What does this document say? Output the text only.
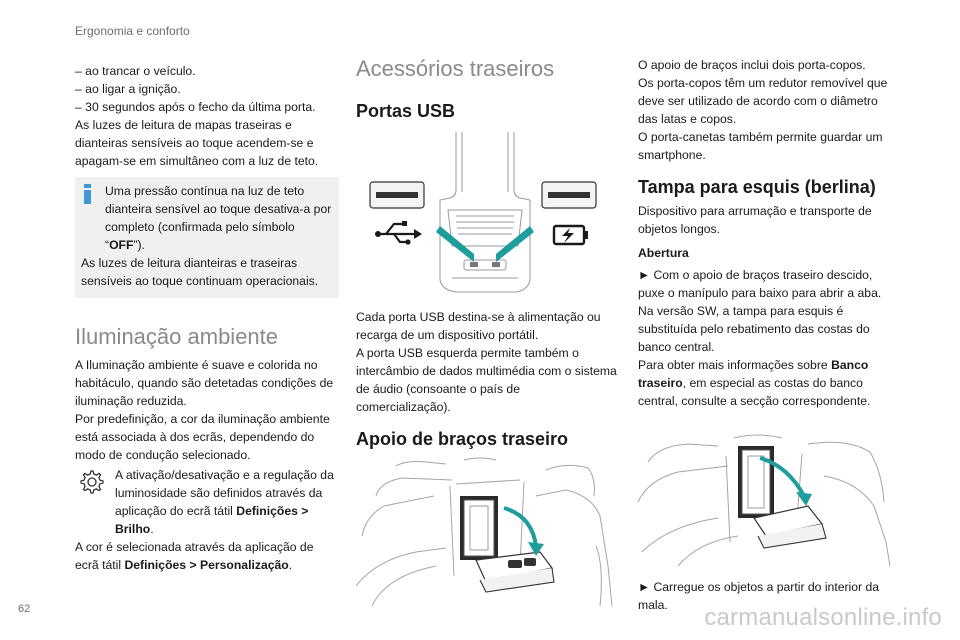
Ergonomia e conforto

– ao trancar o veículo.

– ao ligar a ignição.

– 30 segundos após o fecho da última porta.

As luzes de leitura de mapas traseiras e dianteiras sensíveis ao toque acendem-se e apagam-se em simultâneo com a luz de teto.

Uma pressão contínua na luz de teto dianteira sensível ao toque desativa-a por completo (confirmada pelo símbolo “OFF”).

As luzes de leitura dianteiras e traseiras sensíveis ao toque continuam operacionais.

Iluminação ambiente

A Iluminação ambiente é suave e colorida no habitáculo, quando são detetadas condições de iluminação reduzida.

Por predefinição, a cor da iluminação ambiente está associada à dos ecrãs, dependendo do modo de condução selecionado.

A ativação/desativação e a regulação da luminosidade são definidos através da aplicação do ecrã tátil Definições > Brilho.

A cor é selecionada através da aplicação de ecrã tátil Definições > Personalização.

Acessórios traseiros
Portas USB

Cada porta USB destina-se à alimentação ou recarga de um dispositivo portátil.

A porta USB esquerda permite também o intercâmbio de dados multimédia com o sistema de áudio (consoante o país de comercialização).

Apoio de braços traseiro

O apoio de braços inclui dois porta-copos.

Os porta-copos têm um redutor removível que deve ser utilizado de acordo com o diâmetro das latas e copos.

O porta-canetas também permite guardar um smartphone.

Tampa para esquis (berlina)

Dispositivo para arrumação e transporte de objetos longos.

Abertura

► Com o apoio de braços traseiro descido, puxe o manípulo para baixo para abrir a aba.

Na versão SW, a tampa para esquis é substituída pelo rebatimento das costas do banco central.

Para obter mais informações sobre Banco traseiro, em especial as costas do banco central, consulte a secção correspondente.

► Carregue os objetos a partir do interior da mala.

62	carmanualsonline.info
